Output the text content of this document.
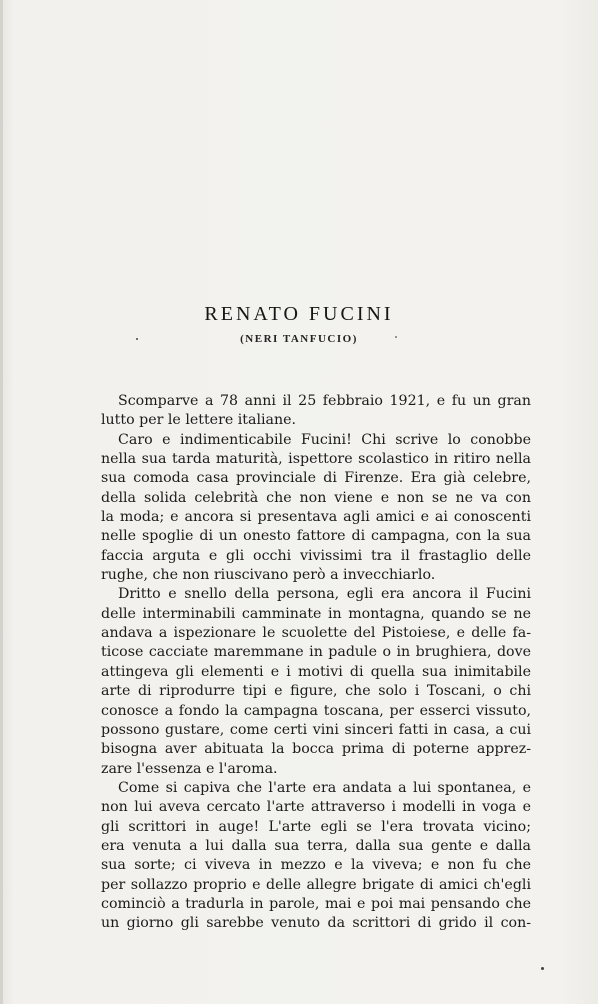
RENATO FUCINI
(NERI TANFUCIO)
Scomparve a 78 anni il 25 febbraio 1921, e fu un gran
lutto per le lettere italiane.
Caro e indimenticabile Fucini! Chi scrive lo conobbe
nella sua tarda maturità, ispettore scolastico in ritiro nella
sua comoda casa provinciale di Firenze. Era già celebre,
della solida celebrità che non viene e non se ne va con
la moda; e ancora si presentava agli amici e ai conoscenti
nelle spoglie di un onesto fattore di campagna, con la sua
faccia arguta e gli occhi vivissimi tra il frastaglio delle
rughe, che non riuscivano però a invecchiarlo.
Dritto e snello della persona, egli era ancora il Fucini
delle interminabili camminate in montagna, quando se ne
andava a ispezionare le scuolette del Pistoiese, e delle fa-
ticose cacciate maremmane in padule o in brughiera, dove
attingeva gli elementi e i motivi di quella sua inimitabile
arte di riprodurre tipi e figure, che solo i Toscani, o chi
conosce a fondo la campagna toscana, per esserci vissuto,
possono gustare, come certi vini sinceri fatti in casa, a cui
bisogna aver abituata la bocca prima di poterne apprez-
zare l'essenza e l'aroma.
Come si capiva che l'arte era andata a lui spontanea, e
non lui aveva cercato l'arte attraverso i modelli in voga e
gli scrittori in auge! L'arte egli se l'era trovata vicino;
era venuta a lui dalla sua terra, dalla sua gente e dalla
sua sorte; ci viveva in mezzo e la viveva; e non fu che
per sollazzo proprio e delle allegre brigate di amici ch'egli
cominciò a tradurla in parole, mai e poi mai pensando che
un giorno gli sarebbe venuto da scrittori di grido il con-
